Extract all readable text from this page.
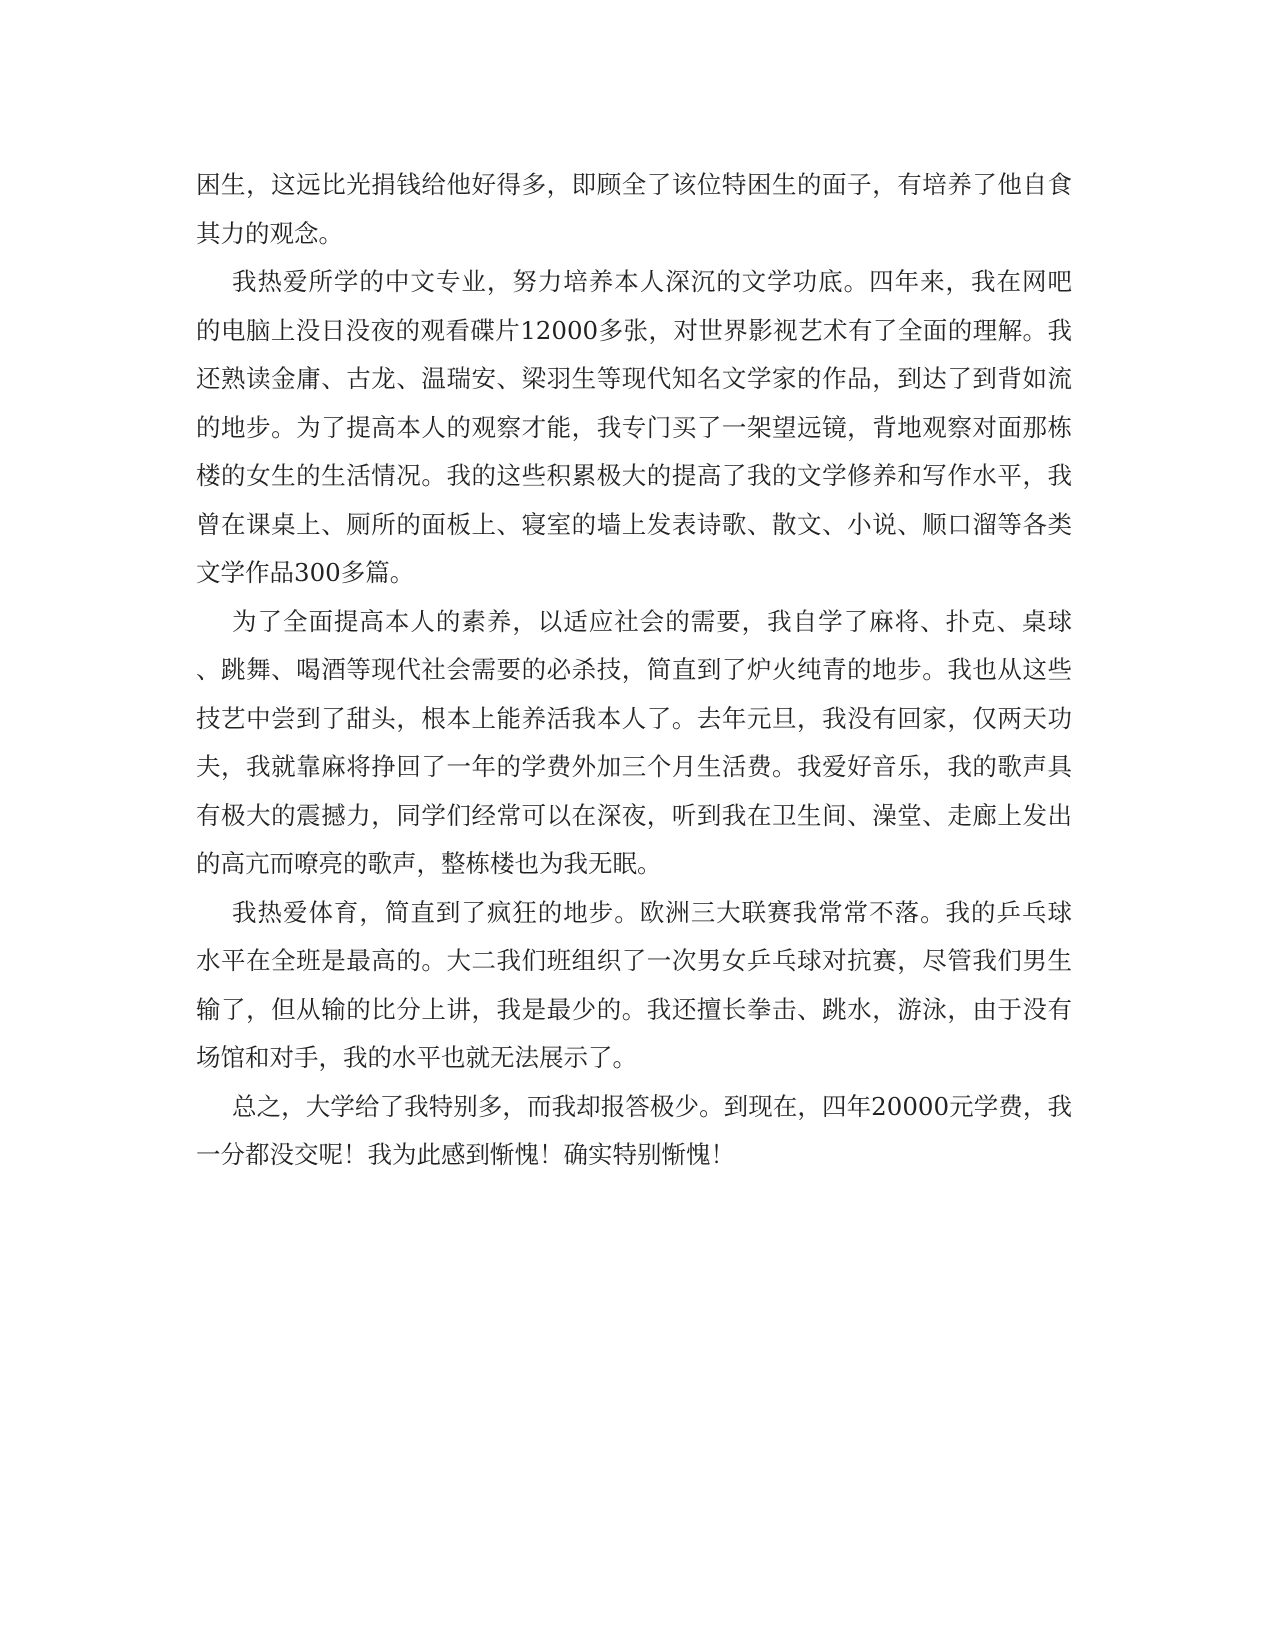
困生，这远比光捐钱给他好得多，即顾全了该位特困生的面子，有培养了他自食
其力的观念。
我热爱所学的中文专业，努力培养本人深沉的文学功底。四年来，我在网吧
的电脑上没日没夜的观看碟片12000多张，对世界影视艺术有了全面的理解。我
还熟读金庸、古龙、温瑞安、梁羽生等现代知名文学家的作品，到达了到背如流
的地步。为了提高本人的观察才能，我专门买了一架望远镜，背地观察对面那栋
楼的女生的生活情况。我的这些积累极大的提高了我的文学修养和写作水平，我
曾在课桌上、厕所的面板上、寝室的墙上发表诗歌、散文、小说、顺口溜等各类
文学作品300多篇。
为了全面提高本人的素养，以适应社会的需要，我自学了麻将、扑克、桌球
、跳舞、喝酒等现代社会需要的必杀技，简直到了炉火纯青的地步。我也从这些
技艺中尝到了甜头，根本上能养活我本人了。去年元旦，我没有回家，仅两天功
夫，我就靠麻将挣回了一年的学费外加三个月生活费。我爱好音乐，我的歌声具
有极大的震撼力，同学们经常可以在深夜，听到我在卫生间、澡堂、走廊上发出
的高亢而嘹亮的歌声，整栋楼也为我无眠。
我热爱体育，简直到了疯狂的地步。欧洲三大联赛我常常不落。我的乒乓球
水平在全班是最高的。大二我们班组织了一次男女乒乓球对抗赛，尽管我们男生
输了，但从输的比分上讲，我是最少的。我还擅长拳击、跳水，游泳，由于没有
场馆和对手，我的水平也就无法展示了。
总之，大学给了我特别多，而我却报答极少。到现在，四年20000元学费，我
一分都没交呢！我为此感到惭愧！确实特别惭愧！
